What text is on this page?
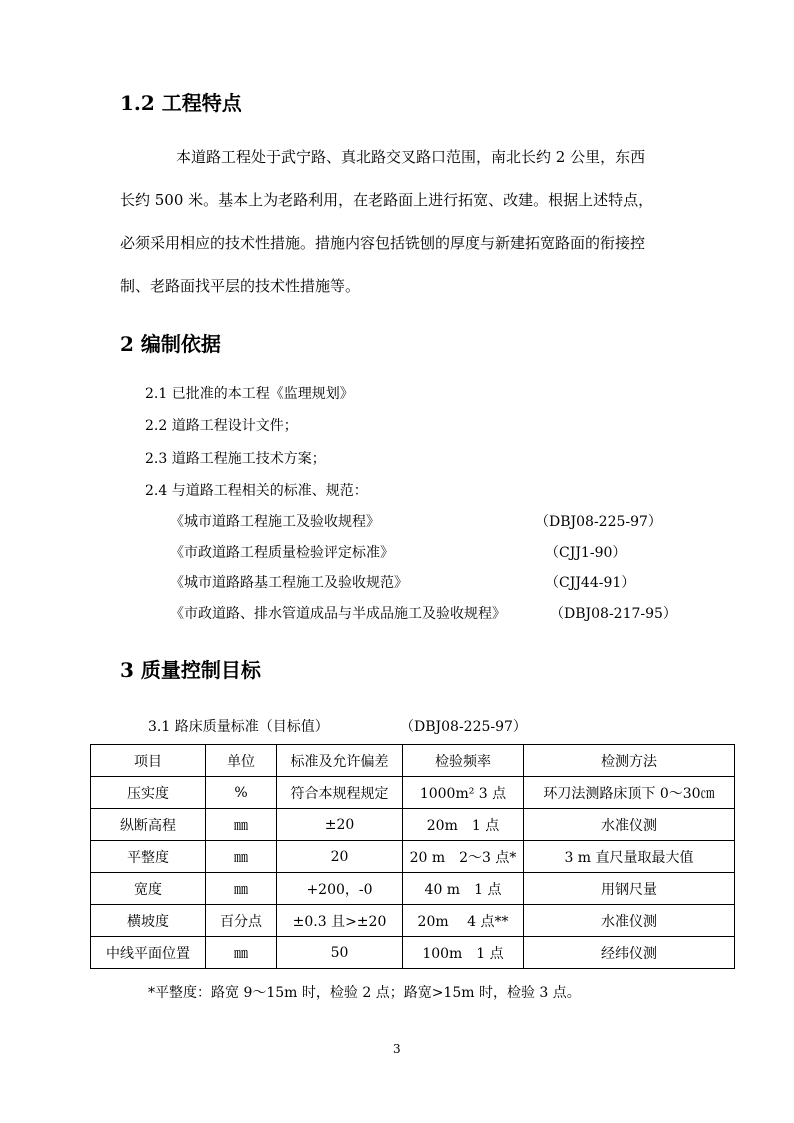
1.2 工程特点
本道路工程处于武宁路、真北路交叉路口范围，南北长约 2 公里，东西
长约 500 米。基本上为老路利用，在老路面上进行拓宽、改建。根据上述特点，
必须采用相应的技术性措施。措施内容包括铣刨的厚度与新建拓宽路面的衔接控
制、老路面找平层的技术性措施等。
2 编制依据
2.1 已批准的本工程《监理规划》
2.2 道路工程设计文件；
2.3 道路工程施工技术方案；
2.4 与道路工程相关的标准、规范：
《城市道路工程施工及验收规程》	（DBJ08-225-97）
《市政道路工程质量检验评定标准》	（CJJ1-90）
《城市道路路基工程施工及验收规范》	（CJJ44-91）
《市政道路、排水管道成品与半成品施工及验收规程》	（DBJ08-217-95）
3 质量控制目标
3.1 路床质量标准（目标值）	（DBJ08-225-97）
项目	单位	标准及允许偏差	检验频率	检测方法
压实度	%	符合本规程规定	1000m² 3 点	环刀法测路床顶下 0～30㎝
纵断高程	㎜	±20	20m　1 点	水准仪测
平整度	㎜	20	20 m　2～3 点*	3 m 直尺量取最大值
宽度	㎜	+200，-0	40 m　1 点	用钢尺量
横坡度	百分点	±0.3 且>±20	20m　 4 点**	水准仪测
中线平面位置	㎜	50	100m　1 点	经纬仪测
*平整度：路宽 9～15m 时，检验 2 点；路宽>15m 时，检验 3 点。
3
